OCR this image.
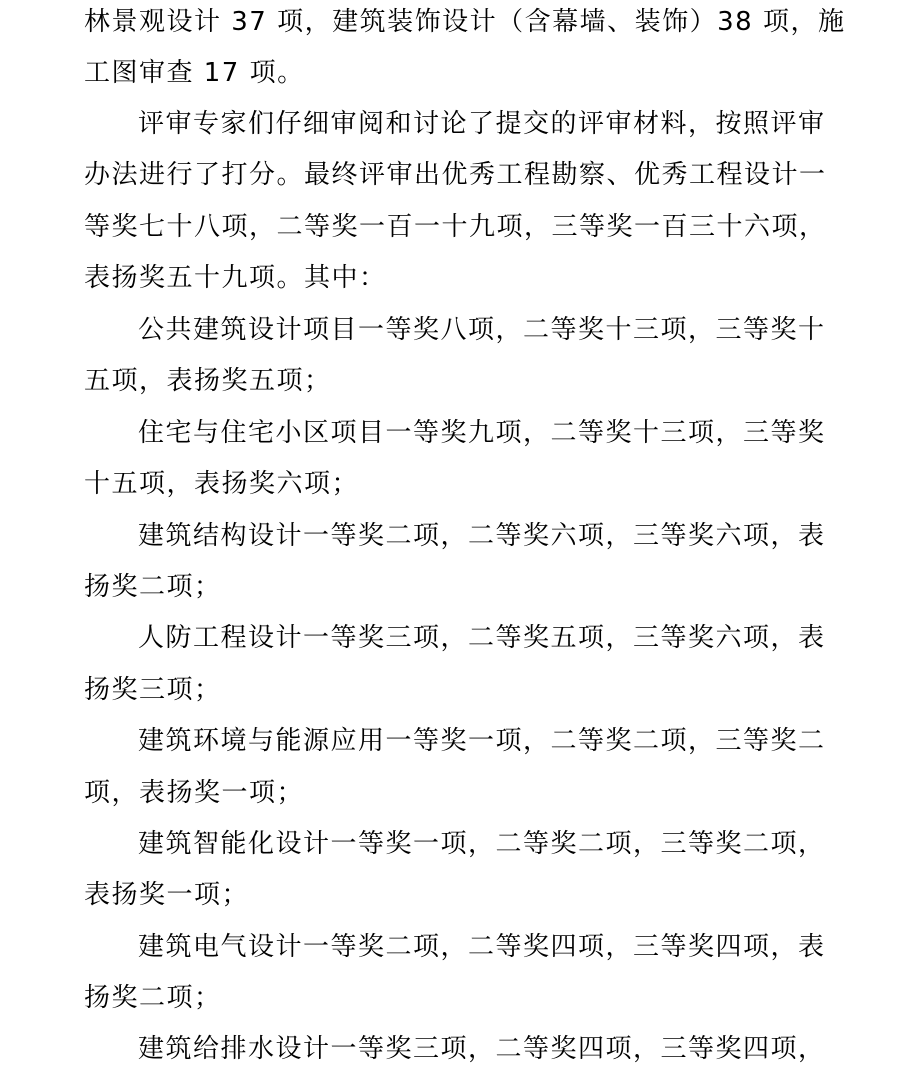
林景观设计 37 项，建筑装饰设计（含幕墙、装饰）38 项，施
工图审查 17 项。
评审专家们仔细审阅和讨论了提交的评审材料，按照评审
办法进行了打分。最终评审出优秀工程勘察、优秀工程设计一
等奖七十八项，二等奖一百一十九项，三等奖一百三十六项，
表扬奖五十九项。其中：
公共建筑设计项目一等奖八项，二等奖十三项，三等奖十
五项，表扬奖五项；
住宅与住宅小区项目一等奖九项，二等奖十三项，三等奖
十五项，表扬奖六项；
建筑结构设计一等奖二项，二等奖六项，三等奖六项，表
扬奖二项；
人防工程设计一等奖三项，二等奖五项，三等奖六项，表
扬奖三项；
建筑环境与能源应用一等奖一项，二等奖二项，三等奖二
项，表扬奖一项；
建筑智能化设计一等奖一项，二等奖二项，三等奖二项，
表扬奖一项；
建筑电气设计一等奖二项，二等奖四项，三等奖四项，表
扬奖二项；
建筑给排水设计一等奖三项，二等奖四项，三等奖四项，
